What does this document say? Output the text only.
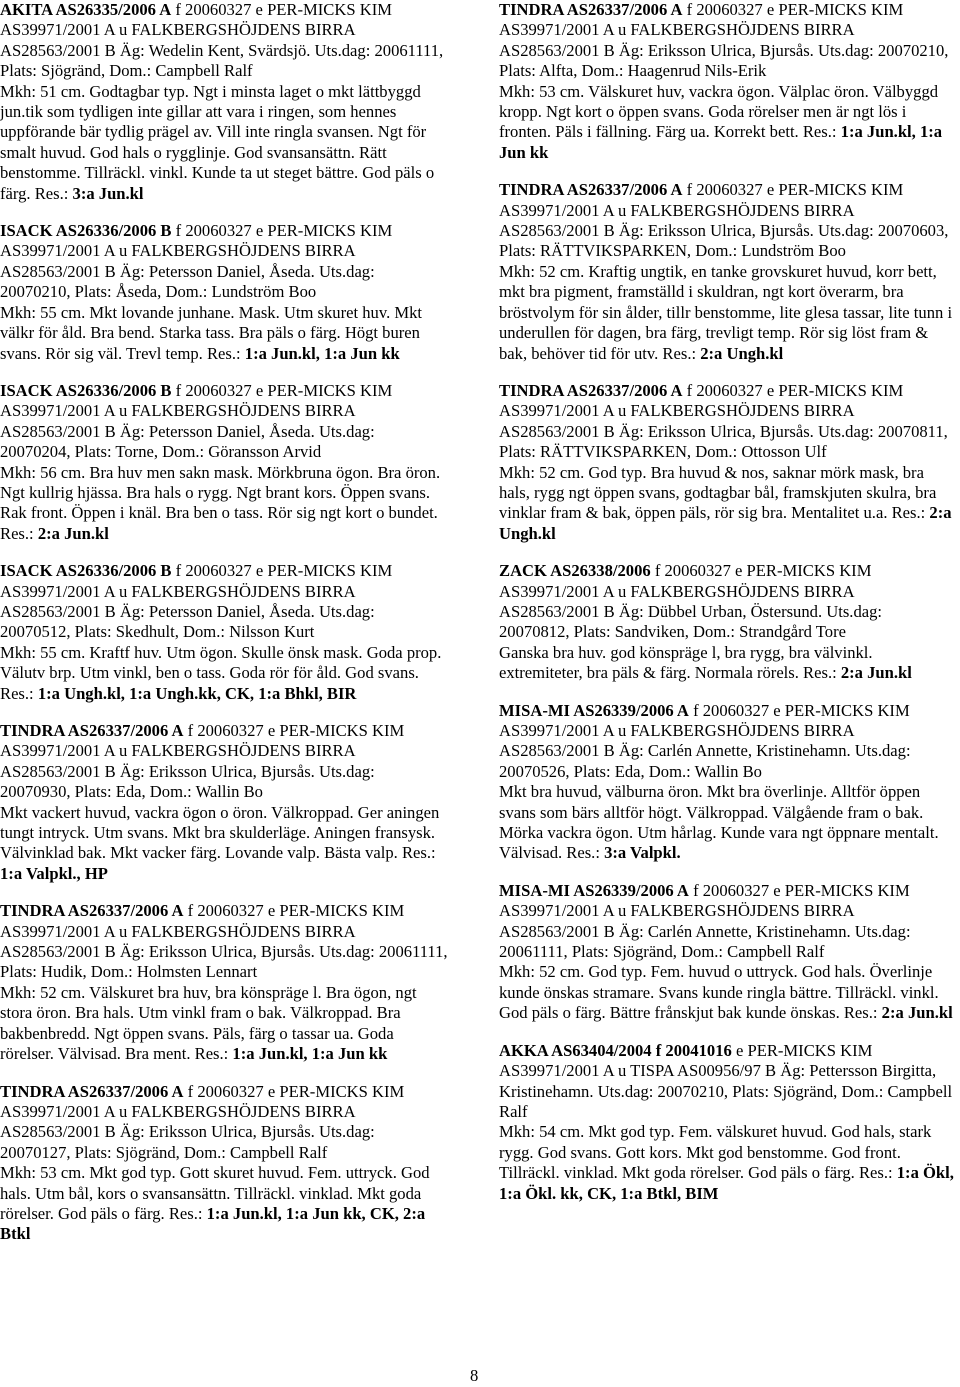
AKITA AS26335/2006 A f 20060327 e PER-MICKS KIM AS39971/2001 A u FALKBERGSHÖJDENS BIRRA AS28563/2001 B Äg: Wedelin Kent, Svärdsjö. Uts.dag: 20061111, Plats: Sjögränd, Dom.: Campbell Ralf

Mkh: 51 cm. Godtagbar typ. Ngt i minsta laget o mkt lättbyggd jun.tik som tydligen inte gillar att vara i ringen, som hennes uppförande bär tydlig prägel av. Vill inte ringla svansen. Ngt för smalt huvud. God hals o rygglinje. God svansansättn. Rätt benstomme. Tillräckl. vinkl. Kunde ta ut steget bättre. God päls o färg. Res.: 3:a Jun.kl

ISACK AS26336/2006 B f 20060327 e PER-MICKS KIM AS39971/2001 A u FALKBERGSHÖJDENS BIRRA AS28563/2001 B Äg: Petersson Daniel, Åseda. Uts.dag: 20070210, Plats: Åseda, Dom.: Lundström Boo

Mkh: 55 cm. Mkt lovande junhane. Mask. Utm skuret huv. Mkt välkr för åld. Bra bend. Starka tass. Bra päls o färg. Högt buren svans. Rör sig väl. Trevl temp. Res.: 1:a Jun.kl, 1:a Jun kk

ISACK AS26336/2006 B f 20060327 e PER-MICKS KIM AS39971/2001 A u FALKBERGSHÖJDENS BIRRA AS28563/2001 B Äg: Petersson Daniel, Åseda. Uts.dag: 20070204, Plats: Torne, Dom.: Göransson Arvid

Mkh: 56 cm. Bra huv men sakn mask. Mörkbruna ögon. Bra öron. Ngt kullrig hjässa. Bra hals o rygg. Ngt brant kors. Öppen svans. Rak front. Öppen i knäl. Bra ben o tass. Rör sig ngt kort o bundet. Res.: 2:a Jun.kl

ISACK AS26336/2006 B f 20060327 e PER-MICKS KIM AS39971/2001 A u FALKBERGSHÖJDENS BIRRA AS28563/2001 B Äg: Petersson Daniel, Åseda. Uts.dag: 20070512, Plats: Skedhult, Dom.: Nilsson Kurt

Mkh: 55 cm. Kraftf huv. Utm ögon. Skulle önsk mask. Goda prop. Välutv brp. Utm vinkl, ben o tass. Goda rör för åld. God svans. Res.: 1:a Ungh.kl, 1:a Ungh.kk, CK, 1:a Bhkl, BIR

TINDRA AS26337/2006 A f 20060327 e PER-MICKS KIM AS39971/2001 A u FALKBERGSHÖJDENS BIRRA AS28563/2001 B Äg: Eriksson Ulrica, Bjursås. Uts.dag: 20070930, Plats: Eda, Dom.: Wallin Bo

Mkt vackert huvud, vackra ögon o öron. Välkroppad. Ger aningen tungt intryck. Utm svans. Mkt bra skulderläge. Aningen fransysk. Välvinklad bak. Mkt vacker färg. Lovande valp. Bästa valp. Res.: 1:a Valpkl., HP

TINDRA AS26337/2006 A f 20060327 e PER-MICKS KIM AS39971/2001 A u FALKBERGSHÖJDENS BIRRA AS28563/2001 B Äg: Eriksson Ulrica, Bjursås. Uts.dag: 20061111, Plats: Hudik, Dom.: Holmsten Lennart

Mkh: 52 cm. Välskuret bra huv, bra könspräge l. Bra ögon, ngt stora öron. Bra hals. Utm vinkl fram o bak. Välkroppad. Bra bakbenbredd. Ngt öppen svans. Päls, färg o tassar ua. Goda rörelser. Välvisad. Bra ment. Res.: 1:a Jun.kl, 1:a Jun kk

TINDRA AS26337/2006 A f 20060327 e PER-MICKS KIM AS39971/2001 A u FALKBERGSHÖJDENS BIRRA AS28563/2001 B Äg: Eriksson Ulrica, Bjursås. Uts.dag: 20070127, Plats: Sjögränd, Dom.: Campbell Ralf

Mkh: 53 cm. Mkt god typ. Gott skuret huvud. Fem. uttryck. God hals. Utm bål, kors o svansansättn. Tillräckl. vinklad. Mkt goda rörelser. God päls o färg. Res.: 1:a Jun.kl, 1:a Jun kk, CK, 2:a Btkl

TINDRA AS26337/2006 A f 20060327 e PER-MICKS KIM AS39971/2001 A u FALKBERGSHÖJDENS BIRRA AS28563/2001 B Äg: Eriksson Ulrica, Bjursås. Uts.dag: 20070210, Plats: Alfta, Dom.: Haagenrud Nils-Erik

Mkh: 53 cm. Välskuret huv, vackra ögon. Välplac öron. Välbyggd kropp. Ngt kort o öppen svans. Goda rörelser men är ngt lös i fronten. Päls i fällning. Färg ua. Korrekt bett. Res.: 1:a Jun.kl, 1:a Jun kk

TINDRA AS26337/2006 A f 20060327 e PER-MICKS KIM AS39971/2001 A u FALKBERGSHÖJDENS BIRRA AS28563/2001 B Äg: Eriksson Ulrica, Bjursås. Uts.dag: 20070603, Plats: RÄTTVIKSPARKEN, Dom.: Lundström Boo

Mkh: 52 cm. Kraftig ungtik, en tanke grovskuret huvud, korr bett, mkt bra pigment, framställd i skuldran, ngt kort överarm, bra bröstvolym för sin ålder, tillr benstomme, lite glesa tassar, lite tunn i underullen för dagen, bra färg, trevligt temp. Rör sig löst fram & bak, behöver tid för utv. Res.: 2:a Ungh.kl

TINDRA AS26337/2006 A f 20060327 e PER-MICKS KIM AS39971/2001 A u FALKBERGSHÖJDENS BIRRA AS28563/2001 B Äg: Eriksson Ulrica, Bjursås. Uts.dag: 20070811, Plats: RÄTTVIKSPARKEN, Dom.: Ottosson Ulf

Mkh: 52 cm. God typ. Bra huvud & nos, saknar mörk mask, bra hals, rygg ngt öppen svans, godtagbar bål, framskjuten skulra, bra vinklar fram & bak, öppen päls, rör sig bra. Mentalitet u.a. Res.: 2:a Ungh.kl

ZACK AS26338/2006 f 20060327 e PER-MICKS KIM AS39971/2001 A u FALKBERGSHÖJDENS BIRRA AS28563/2001 B Äg: Dübbel Urban, Östersund. Uts.dag: 20070812, Plats: Sandviken, Dom.: Strandgård Tore

Ganska bra huv. god könspräge l, bra rygg, bra välvinkl. extremiteter, bra päls & färg. Normala rörels. Res.: 2:a Jun.kl

MISA-MI AS26339/2006 A f 20060327 e PER-MICKS KIM AS39971/2001 A u FALKBERGSHÖJDENS BIRRA AS28563/2001 B Äg: Carlén Annette, Kristinehamn. Uts.dag: 20070526, Plats: Eda, Dom.: Wallin Bo

Mkt bra huvud, välburna öron. Mkt bra överlinje. Alltför öppen svans som bärs alltför högt. Välkroppad. Välgående fram o bak. Mörka vackra ögon. Utm hårlag. Kunde vara ngt öppnare mentalt. Välvisad. Res.: 3:a Valpkl.

MISA-MI AS26339/2006 A f 20060327 e PER-MICKS KIM AS39971/2001 A u FALKBERGSHÖJDENS BIRRA AS28563/2001 B Äg: Carlén Annette, Kristinehamn. Uts.dag: 20061111, Plats: Sjögränd, Dom.: Campbell Ralf

Mkh: 52 cm. God typ. Fem. huvud o uttryck. God hals. Överlinje kunde önskas stramare. Svans kunde ringla bättre. Tillräckl. vinkl. God päls o färg. Bättre frånskjut bak kunde önskas. Res.: 2:a Jun.kl

AKKA AS63404/2004 f 20041016 e PER-MICKS KIM AS39971/2001 A u TISPA AS00956/97 B Äg: Pettersson Birgitta, Kristinehamn. Uts.dag: 20070210, Plats: Sjögränd, Dom.: Campbell Ralf

Mkh: 54 cm. Mkt god typ. Fem. välskuret huvud. God hals, stark rygg. God svans. Gott kors. Mkt god benstomme. God front. Tillräckl. vinklad. Mkt goda rörelser. God päls o färg. Res.: 1:a Ökl, 1:a Ökl. kk, CK, 1:a Btkl, BIM

8
